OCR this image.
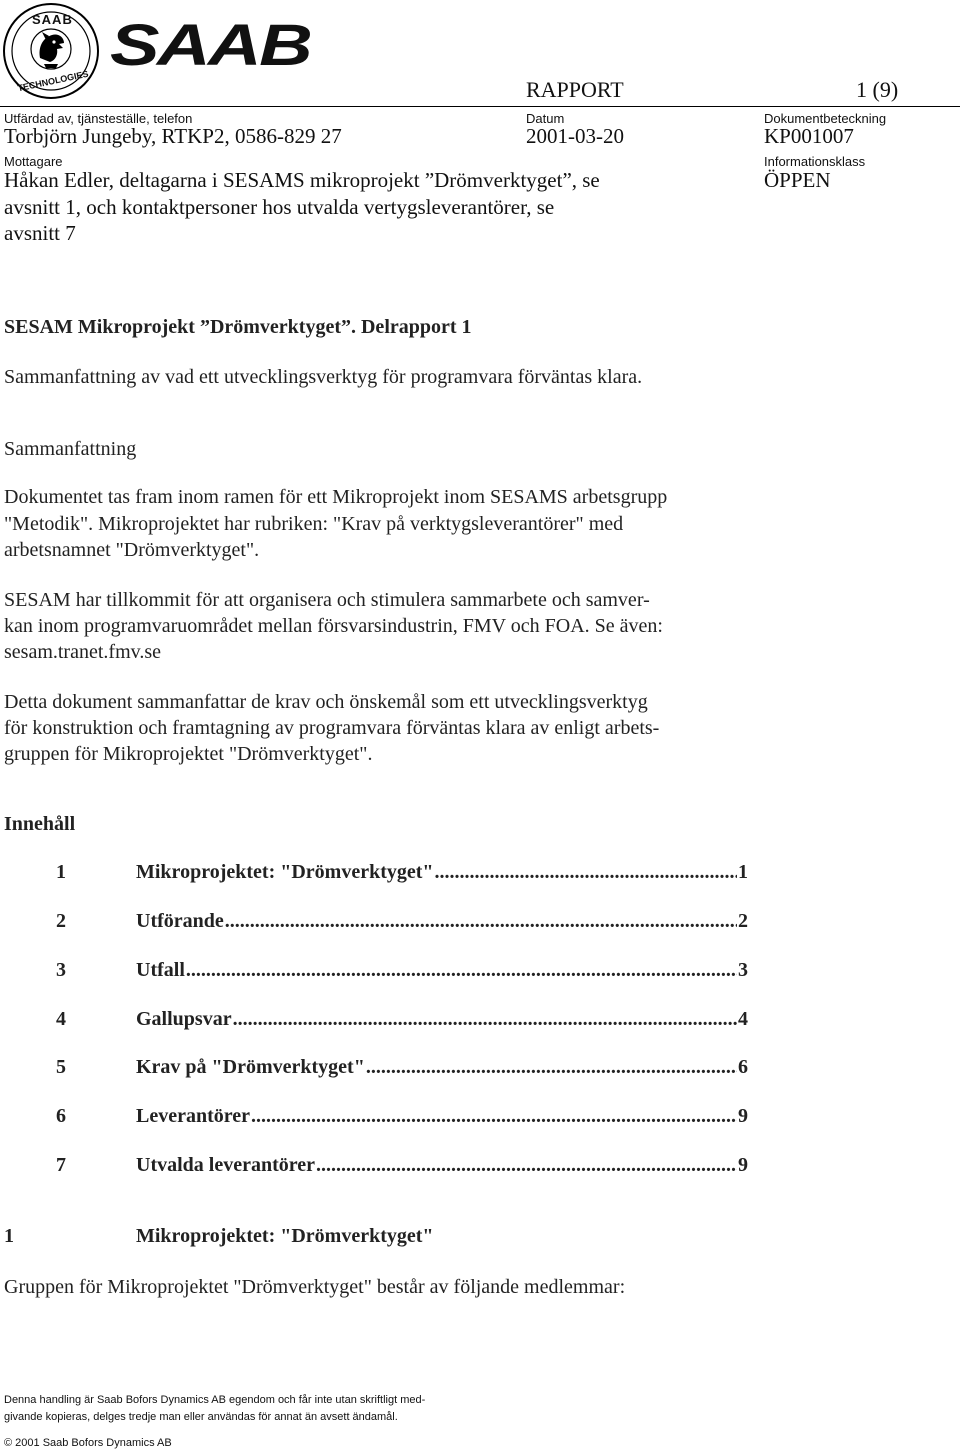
SAAB
TECHNOLOGIES
SAAB
RAPPORT	1 (9)
Utfärdad av, tjänsteställe, telefon
Torbjörn Jungeby, RTKP2, 0586-829 27
Datum
2001-03-20
Dokumentbeteckning
KP001007
Mottagare
Håkan Edler, deltagarna i SESAMS mikroprojekt ”Drömverktyget”, se
avsnitt 1, och kontaktpersoner hos utvalda vertygsleverantörer, se
avsnitt 7
Informationsklass
ÖPPEN
SESAM Mikroprojekt ”Drömverktyget”. Delrapport 1
Sammanfattning av vad ett utvecklingsverktyg för programvara förväntas klara.
Sammanfattning
Dokumentet tas fram inom ramen för ett Mikroprojekt inom SESAMS arbetsgrupp
"Metodik". Mikroprojektet har rubriken: "Krav på verktygsleverantörer" med
arbetsnamnet "Drömverktyget".
SESAM har tillkommit för att organisera och stimulera sammarbete och samver-
kan inom programvaruområdet mellan försvarsindustrin, FMV och FOA. Se även:
sesam.tranet.fmv.se
Detta dokument sammanfattar de krav och önskemål som ett utvecklingsverktyg
för konstruktion och framtagning av programvara förväntas klara av enligt arbets-
gruppen för Mikroprojektet "Drömverktyget".
Innehåll
1	Mikroprojektet: "Drömverktyget" .....	1
2	Utförande .....	2
3	Utfall .....	3
4	Gallupsvar .....	4
5	Krav på "Drömverktyget" .....	6
6	Leverantörer .....	9
7	Utvalda leverantörer .....	9
1	Mikroprojektet: "Drömverktyget"
Gruppen för Mikroprojektet "Drömverktyget" består av följande medlemmar:
Denna handling är Saab Bofors Dynamics AB egendom och får inte utan skriftligt med-
givande kopieras, delges tredje man eller användas för annat än avsett ändamål.
© 2001 Saab Bofors Dynamics AB
